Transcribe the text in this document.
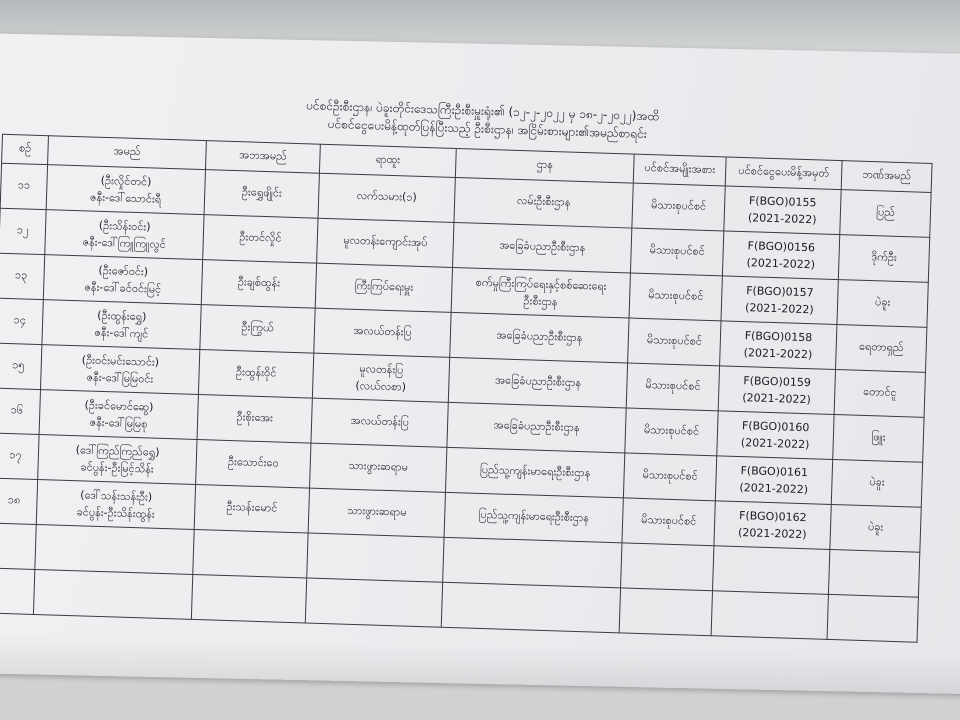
ပင်စင်ဦးစီးဌာန၊ ပဲခူးတိုင်းဒေသကြီးဦးစီးမှူးရုံး၏ (၁၂-၂-၂၀၂၂ မှ ၁၈-၂-၂၀၂၂)အထိ
ပင်စင်ငွေပေးမိန့်ထုတ်ပြန်ပြီးသည့် ဦးစီးဌာန၊ အငြိမ်းစားများ၏အမည်စာရင်း
စဉ်	အမည်	အဘအမည်	ရာထူး	ဌာန	ပင်စင်အမျိုးအစား	ပင်စင်ငွေပေးမိန့်အမှတ်	ဘဏ်အမည်
၁၁	(ဦးလှိုင်တင်)
ဇနီး-ဒေါ်သောင်းရီ	ဦးရွှေဖျိုင်း	လက်သမား(၁)	လမ်းဦးစီးဌာန	မိသားစုပင်စင်	F(BGO)0155
(2021-2022)	ပြည်
၁၂	(ဦးသိန်းဝင်း)
ဇနီး-ဒေါ်ကြူကြူလွင်	ဦးတင်လှိုင်	မူလတန်းကျောင်းအုပ်	အခြေခံပညာဦးစီးဌာန	မိသားစုပင်စင်	F(BGO)0156
(2021-2022)	ဒိုက်ဦး
၁၃	(ဦးဇော်ဝင်း)
ဇနီး-ဒေါ်ခင်ဝင်းမြင့်	ဦးချစ်ထွန်း	ကြီးကြပ်ရေးမှူး	စက်မှုကြီးကြပ်ရေးနှင့်စစ်ဆေးရေး
ဦးစီးဌာန	မိသားစုပင်စင်	F(BGO)0157
(2021-2022)	ပဲခူး
၁၄	(ဦးထွန်းရွှေ)
ဇနီး-ဒေါ်ကျင်	ဦးကြွယ်	အလယ်တန်းပြ	အခြေခံပညာဦးစီးဌာန	မိသားစုပင်စင်	F(BGO)0158
(2021-2022)	ရေတာရှည်
၁၅	(ဦးဝင်းမင်းသောင်း)
ဇနီး-ဒေါ်မြမြဝင်း	ဦးထွန်းဝိုင်	မူလတန်းပြ
(လယ်လစာ)	အခြေခံပညာဦးစီးဌာန	မိသားစုပင်စင်	F(BGO)0159
(2021-2022)	တောင်ငူ
၁၆	(ဦးခင်မောင်ဆွေ)
ဇနီး-ဒေါ်မြမြစု	ဦးစိုးအေး	အလယ်တန်းပြ	အခြေခံပညာဦးစီးဌာန	မိသားစုပင်စင်	F(BGO)0160
(2021-2022)	ဖြူး
၁၇	(ဒေါ်ကြည်ကြည်ရွှေ)
ခင်ပွန်း-ဦးမြင့်သိန်း	ဦးသောင်းဝေ	သားဖွားဆရာမ	ပြည်သူ့ကျန်းမာရေးဦးစီးဌာန	မိသားစုပင်စင်	F(BGO)0161
(2021-2022)	ပဲခူး
၁၈	(ဒေါ်သန်းသန်းဦး)
ခင်ပွန်း-ဦးသိန်းထွန်း	ဦးသန်းမောင်	သားဖွားဆရာမ	ပြည်သူ့ကျန်းမာရေးဦးစီးဌာန	မိသားစုပင်စင်	F(BGO)0162
(2021-2022)	ပဲခူး
